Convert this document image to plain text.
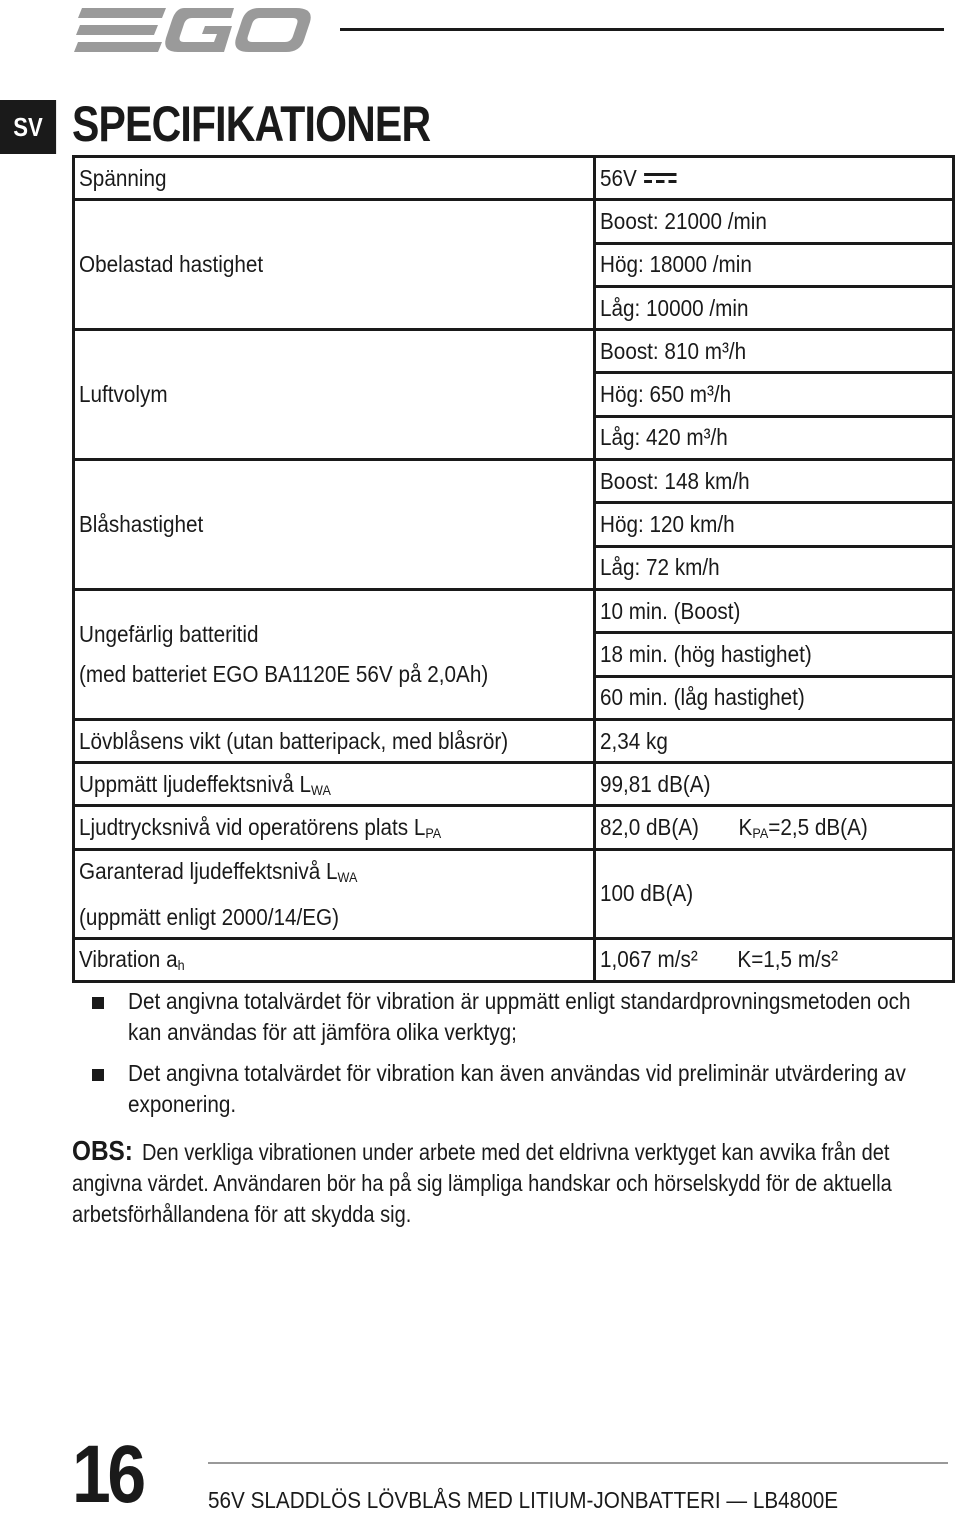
SV SPECIFIKATIONER
Spänning	56V
Obelastad hastighet	Boost: 21000 /min
	Hög: 18000 /min
	Låg: 10000 /min
Luftvolym	Boost: 810 m³/h
	Hög: 650 m³/h
	Låg: 420 m³/h
Blåshastighet	Boost: 148 km/h
	Hög: 120 km/h
	Låg: 72 km/h
Ungefärlig batteritid
(med batteriet EGO BA1120E 56V på 2,0Ah)	10 min. (Boost)
	18 min. (hög hastighet)
	60 min. (låg hastighet)
Lövblåsens vikt (utan batteripack, med blåsrör)	2,34 kg
Uppmätt ljudeffektsnivå $L_{WA}$	99,81 dB(A)
Ljudtrycksnivå vid operatörens plats $L_{PA}$	82,0 dB(A) $K_{PA}=2,5$ dB(A)
Garanterad ljudeffektsnivå $L_{WA}$
(uppmätt enligt 2000/14/EG)	100 dB(A)
Vibration $a_h$	1,067 m/s² K=1,5 m/s²
Det angivna totalvärdet för vibration är uppmätt enligt standardprovningsmetoden och kan användas för att jämföra olika verktyg;
Det angivna totalvärdet för vibration kan även användas vid preliminär utvärdering av exponering.

OBS: Den verkliga vibrationen under arbete med det eldrivna verktyget kan avvika från det angivna värdet. Användaren bör ha på sig lämpliga handskar och hörselskydd för de aktuella arbetsförhållandena för att skydda sig.

16	56V SLADDLÖS LÖVBLÅS MED LITIUM-JONBATTERI — LB4800E
